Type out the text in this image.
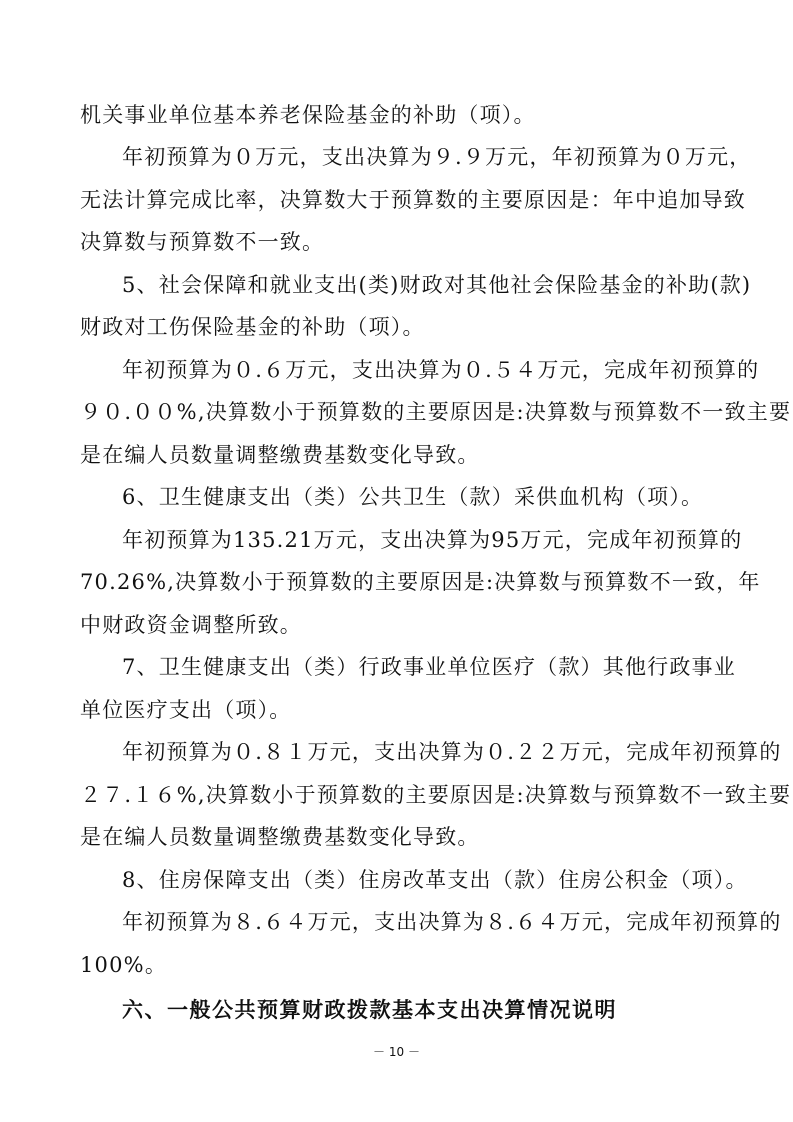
机关事业单位基本养老保险基金的补助（项）。
年初预算为０万元，支出决算为９.９万元，年初预算为０万元，
无法计算完成比率，决算数大于预算数的主要原因是：年中追加导致
决算数与预算数不一致。
5、社会保障和就业支出(类)财政对其他社会保险基金的补助(款)
财政对工伤保险基金的补助（项）。
年初预算为０.６万元，支出决算为０.５４万元，完成年初预算的
９０.００%,决算数小于预算数的主要原因是:决算数与预算数不一致主要
是在编人员数量调整缴费基数变化导致。
6、卫生健康支出（类）公共卫生（款）采供血机构（项）。
年初预算为135.21万元，支出决算为95万元，完成年初预算的
70.26%,决算数小于预算数的主要原因是:决算数与预算数不一致，年
中财政资金调整所致。
7、卫生健康支出（类）行政事业单位医疗（款）其他行政事业
单位医疗支出（项）。
年初预算为０.８１万元，支出决算为０.２２万元，完成年初预算的
２７.１６%,决算数小于预算数的主要原因是:决算数与预算数不一致主要
是在编人员数量调整缴费基数变化导致。
8、住房保障支出（类）住房改革支出（款）住房公积金（项）。
年初预算为８.６４万元，支出决算为８.６４万元，完成年初预算的
100%。
六、一般公共预算财政拨款基本支出决算情况说明
－ 10 －
